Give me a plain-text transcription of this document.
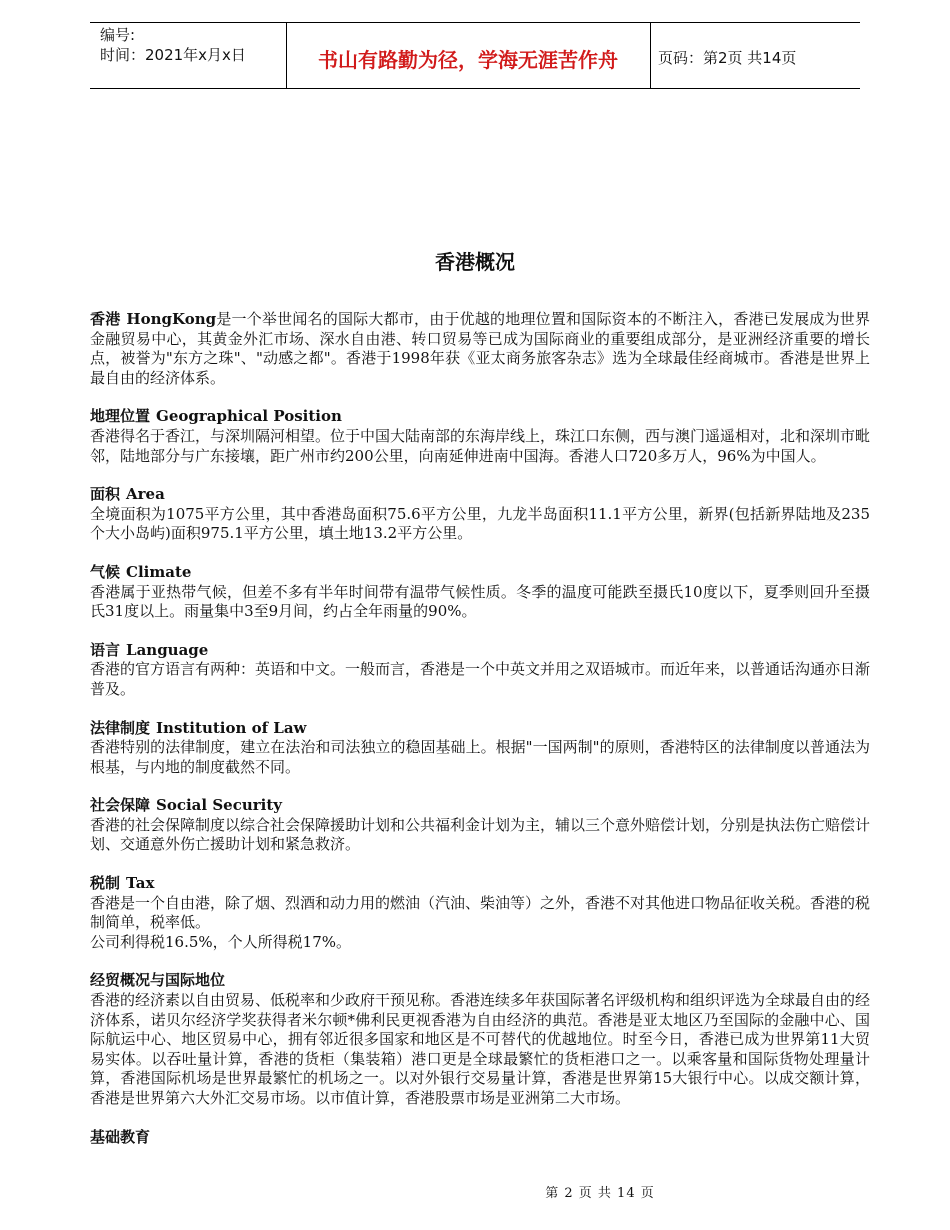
编号:
时间：2021年x月x日	书山有路勤为径，学海无涯苦作舟	页码：第2页 共14页
香港概况

香港 HongKong是一个举世闻名的国际大都市，由于优越的地理位置和国际资本的不断注入，香港已发展成为世界金融贸易中心，其黄金外汇市场、深水自由港、转口贸易等已成为国际商业的重要组成部分，是亚洲经济重要的增长点，被誉为"东方之珠"、"动感之都"。香港于1998年获《亚太商务旅客杂志》选为全球最佳经商城市。香港是世界上最自由的经济体系。

地理位置 Geographical Position

香港得名于香江，与深圳隔河相望。位于中国大陆南部的东海岸线上，珠江口东侧，西与澳门遥遥相对，北和深圳市毗邻，陆地部分与广东接壤，距广州市约200公里，向南延伸进南中国海。香港人口720多万人，96%为中国人。

面积 Area

全境面积为1075平方公里，其中香港岛面积75.6平方公里，九龙半岛面积11.1平方公里，新界(包括新界陆地及235个大小岛屿)面积975.1平方公里，填土地13.2平方公里。

气候 Climate

香港属于亚热带气候，但差不多有半年时间带有温带气候性质。冬季的温度可能跌至摄氏10度以下，夏季则回升至摄氏31度以上。雨量集中3至9月间，约占全年雨量的90%。

语言 Language

香港的官方语言有两种：英语和中文。一般而言，香港是一个中英文并用之双语城市。而近年来，以普通话沟通亦日渐普及。

法律制度 Institution of Law

香港特别的法律制度，建立在法治和司法独立的稳固基础上。根据"一国两制"的原则，香港特区的法律制度以普通法为根基，与内地的制度截然不同。

社会保障 Social Security

香港的社会保障制度以综合社会保障援助计划和公共福利金计划为主，辅以三个意外赔偿计划，分别是执法伤亡赔偿计划、交通意外伤亡援助计划和紧急救济。

税制 Tax

香港是一个自由港，除了烟、烈酒和动力用的燃油（汽油、柴油等）之外，香港不对其他进口物品征收关税。香港的税制简单，税率低。

公司利得税16.5%，个人所得税17%。

经贸概况与国际地位

香港的经济素以自由贸易、低税率和少政府干预见称。香港连续多年获国际著名评级机构和组织评选为全球最自由的经济体系，诺贝尔经济学奖获得者米尔顿*佛利民更视香港为自由经济的典范。香港是亚太地区乃至国际的金融中心、国际航运中心、地区贸易中心，拥有邻近很多国家和地区是不可替代的优越地位。时至今日，香港已成为世界第11大贸易实体。以吞吐量计算，香港的货柜（集装箱）港口更是全球最繁忙的货柜港口之一。以乘客量和国际货物处理量计算，香港国际机场是世界最繁忙的机场之一。以对外银行交易量计算，香港是世界第15大银行中心。以成交额计算，香港是世界第六大外汇交易市场。以市值计算，香港股票市场是亚洲第二大市场。

基础教育
第 2 页 共 14 页
